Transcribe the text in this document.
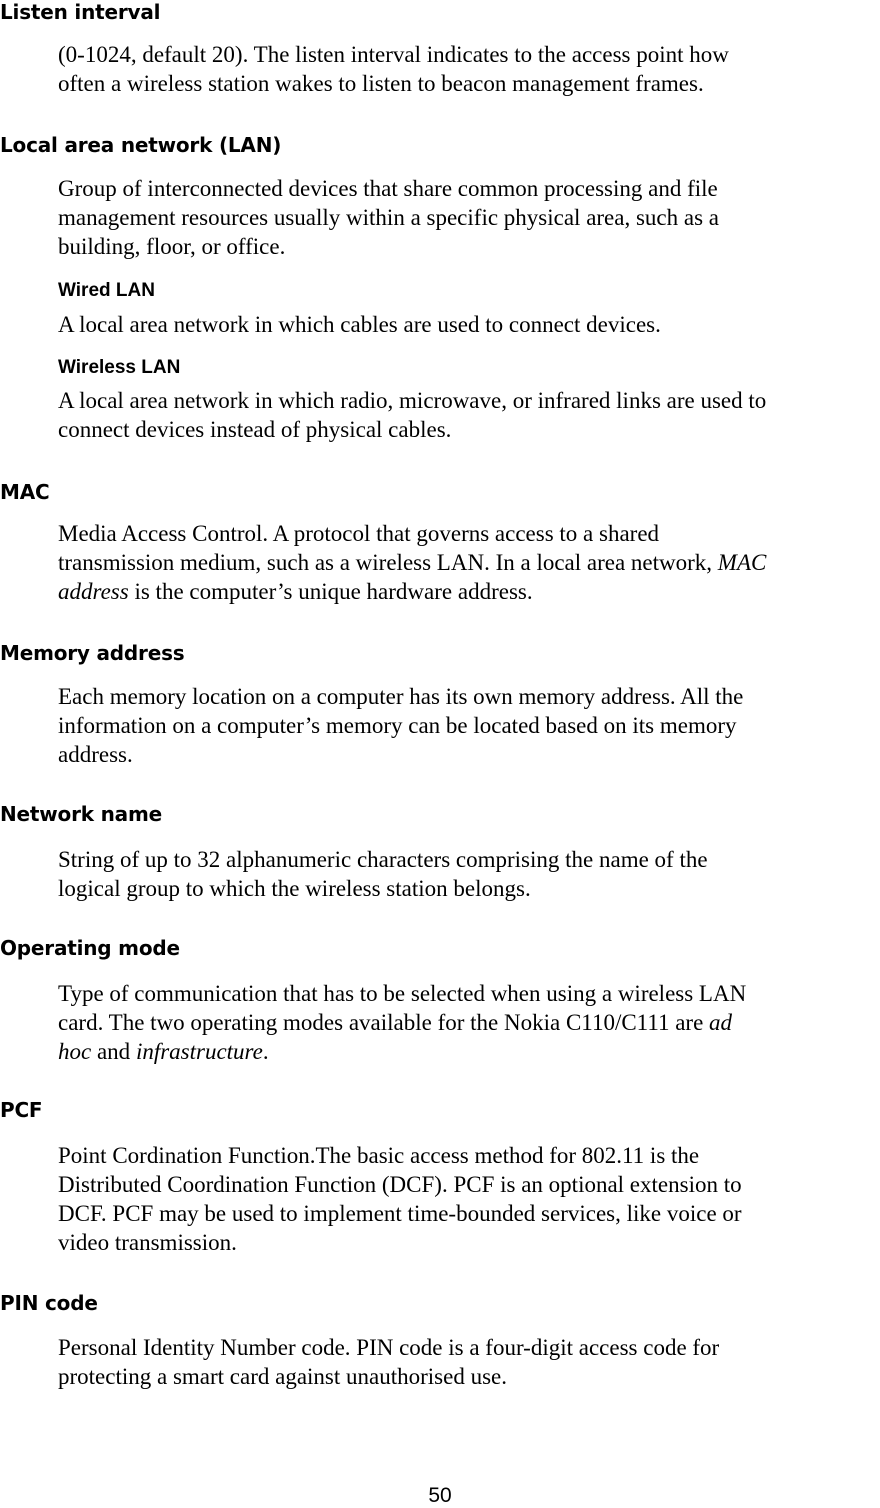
Listen interval

(0-1024, default 20). The listen interval indicates to the access point how
often a wireless station wakes to listen to beacon management frames.

Local area network (LAN)

Group of interconnected devices that share common processing and file
management resources usually within a specific physical area, such as a
building, floor, or office.

Wired LAN

A local area network in which cables are used to connect devices.

Wireless LAN

A local area network in which radio, microwave, or infrared links are used to
connect devices instead of physical cables.

MAC

Media Access Control. A protocol that governs access to a shared
transmission medium, such as a wireless LAN. In a local area network, MAC
address is the computer’s unique hardware address.

Memory address

Each memory location on a computer has its own memory address. All the
information on a computer’s memory can be located based on its memory
address.

Network name

String of up to 32 alphanumeric characters comprising the name of the
logical group to which the wireless station belongs.

Operating mode

Type of communication that has to be selected when using a wireless LAN
card. The two operating modes available for the Nokia C110/C111 are ad
hoc and infrastructure.

PCF

Point Cordination Function.The basic access method for 802.11 is the
Distributed Coordination Function (DCF). PCF is an optional extension to
DCF. PCF may be used to implement time-bounded services, like voice or
video transmission.

PIN code

Personal Identity Number code. PIN code is a four-digit access code for
protecting a smart card against unauthorised use.

50
